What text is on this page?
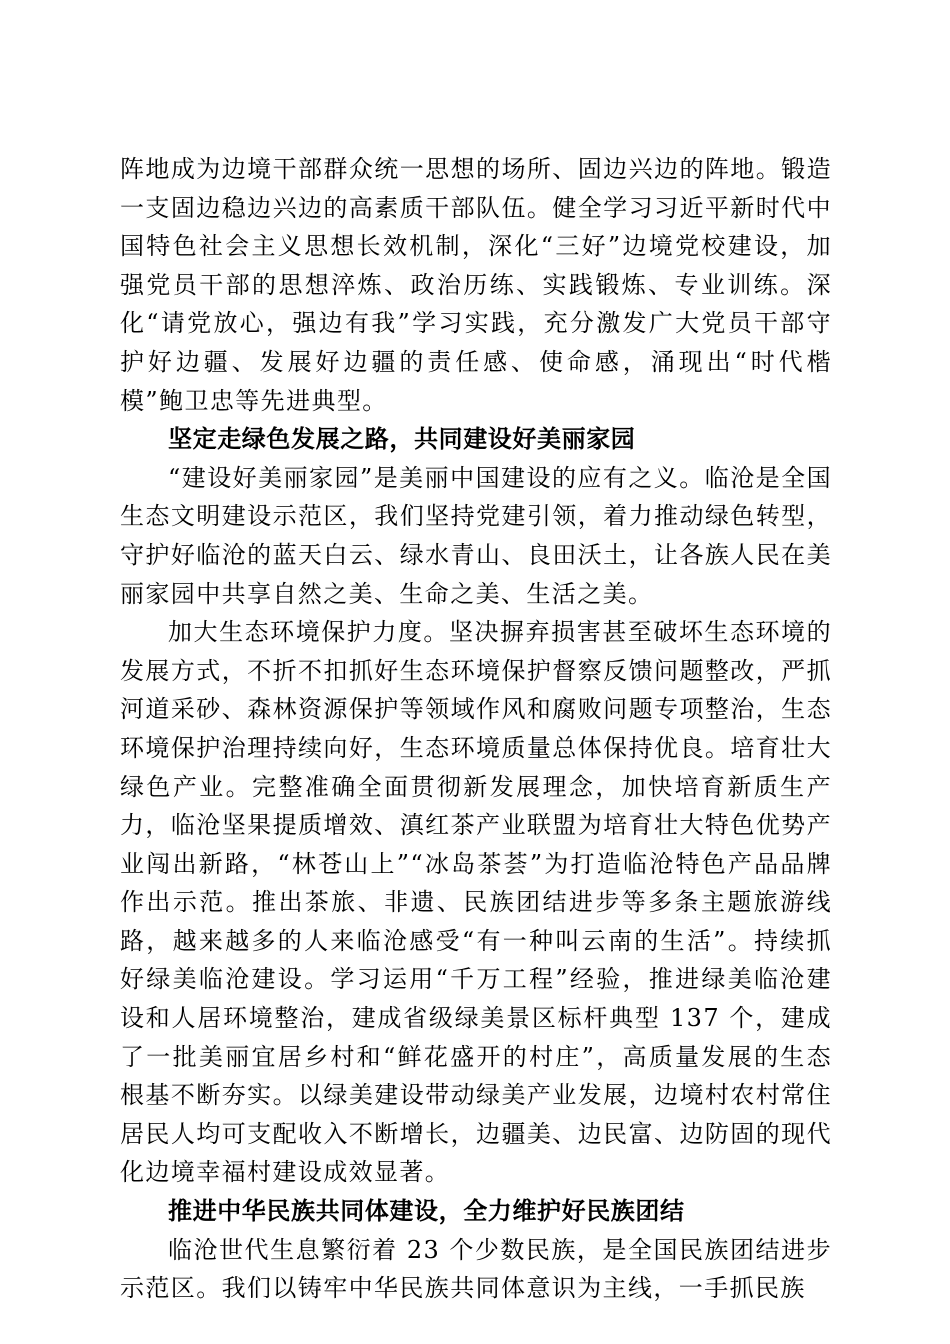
阵地成为边境干部群众统一思想的场所、固边兴边的阵地。锻造一支固边稳边兴边的高素质干部队伍。健全学习习近平新时代中国特色社会主义思想长效机制，深化“三好”边境党校建设，加强党员干部的思想淬炼、政治历练、实践锻炼、专业训练。深化“请党放心，强边有我”学习实践，充分激发广大党员干部守护好边疆、发展好边疆的责任感、使命感，涌现出“时代楷模”鲍卫忠等先进典型。

坚定走绿色发展之路，共同建设好美丽家园

“建设好美丽家园”是美丽中国建设的应有之义。临沧是全国生态文明建设示范区，我们坚持党建引领，着力推动绿色转型，守护好临沧的蓝天白云、绿水青山、良田沃土，让各族人民在美丽家园中共享自然之美、生命之美、生活之美。

加大生态环境保护力度。坚决摒弃损害甚至破坏生态环境的发展方式，不折不扣抓好生态环境保护督察反馈问题整改，严抓河道采砂、森林资源保护等领域作风和腐败问题专项整治，生态环境保护治理持续向好，生态环境质量总体保持优良。培育壮大绿色产业。完整准确全面贯彻新发展理念，加快培育新质生产力，临沧坚果提质增效、滇红茶产业联盟为培育壮大特色优势产业闯出新路，“林苍山上”“冰岛茶荟”为打造临沧特色产品品牌作出示范。推出茶旅、非遗、民族团结进步等多条主题旅游线路，越来越多的人来临沧感受“有一种叫云南的生活”。持续抓好绿美临沧建设。学习运用“千万工程”经验，推进绿美临沧建设和人居环境整治，建成省级绿美景区标杆典型 137 个，建成了一批美丽宜居乡村和“鲜花盛开的村庄”，高质量发展的生态根基不断夯实。以绿美建设带动绿美产业发展，边境村农村常住居民人均可支配收入不断增长，边疆美、边民富、边防固的现代化边境幸福村建设成效显著。

推进中华民族共同体建设，全力维护好民族团结

临沧世代生息繁衍着 23 个少数民族，是全国民族团结进步示范区。我们以铸牢中华民族共同体意识为主线，一手抓民族
